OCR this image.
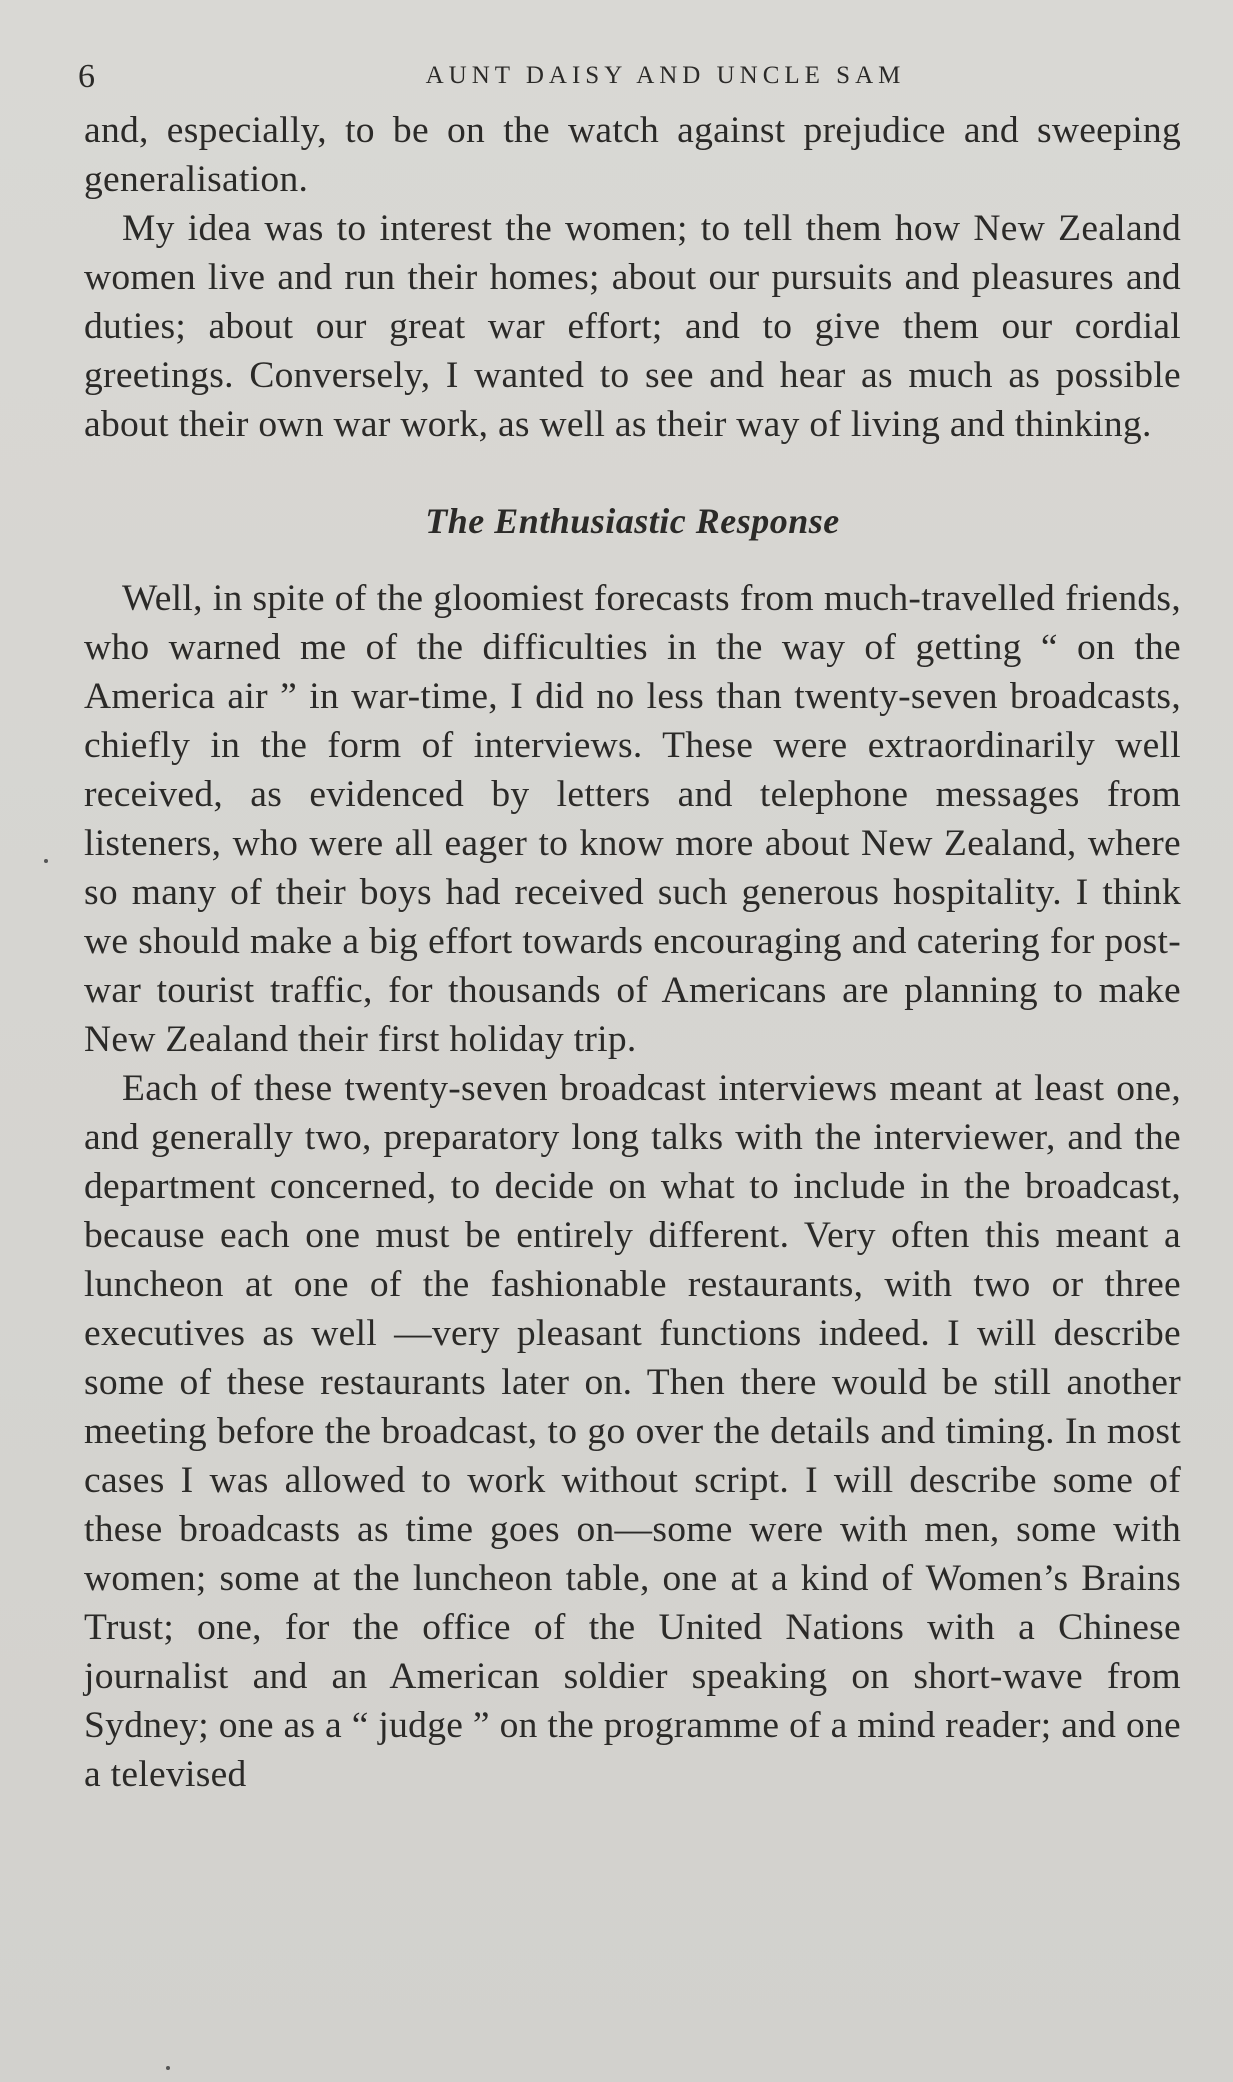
6	AUNT DAISY AND UNCLE SAM

and, especially, to be on the watch against prejudice and sweeping generalisation.

My idea was to interest the women; to tell them how New Zealand women live and run their homes; about our pursuits and pleasures and duties; about our great war effort; and to give them our cordial greetings. Conversely, I wanted to see and hear as much as possible about their own war work, as well as their way of living and thinking.

The Enthusiastic Response

Well, in spite of the gloomiest forecasts from much-travelled friends, who warned me of the difficulties in the way of getting “ on the America air ” in war-time, I did no less than twenty-seven broadcasts, chiefly in the form of interviews. These were extraordinarily well received, as evidenced by letters and telephone messages from listeners, who were all eager to know more about New Zealand, where so many of their boys had received such generous hospitality. I think we should make a big effort towards encouraging and catering for post-war tourist traffic, for thousands of Americans are planning to make New Zealand their first holiday trip.

Each of these twenty-seven broadcast interviews meant at least one, and generally two, preparatory long talks with the interviewer, and the department concerned, to decide on what to include in the broadcast, because each one must be entirely different. Very often this meant a luncheon at one of the fashionable restaurants, with two or three executives as well —very pleasant functions indeed. I will describe some of these restaurants later on. Then there would be still another meeting before the broadcast, to go over the details and timing. In most cases I was allowed to work without script. I will describe some of these broadcasts as time goes on—some were with men, some with women; some at the luncheon table, one at a kind of Women’s Brains Trust; one, for the office of the United Nations with a Chinese journalist and an American soldier speaking on short-wave from Sydney; one as a “ judge ” on the programme of a mind reader; and one a televised
